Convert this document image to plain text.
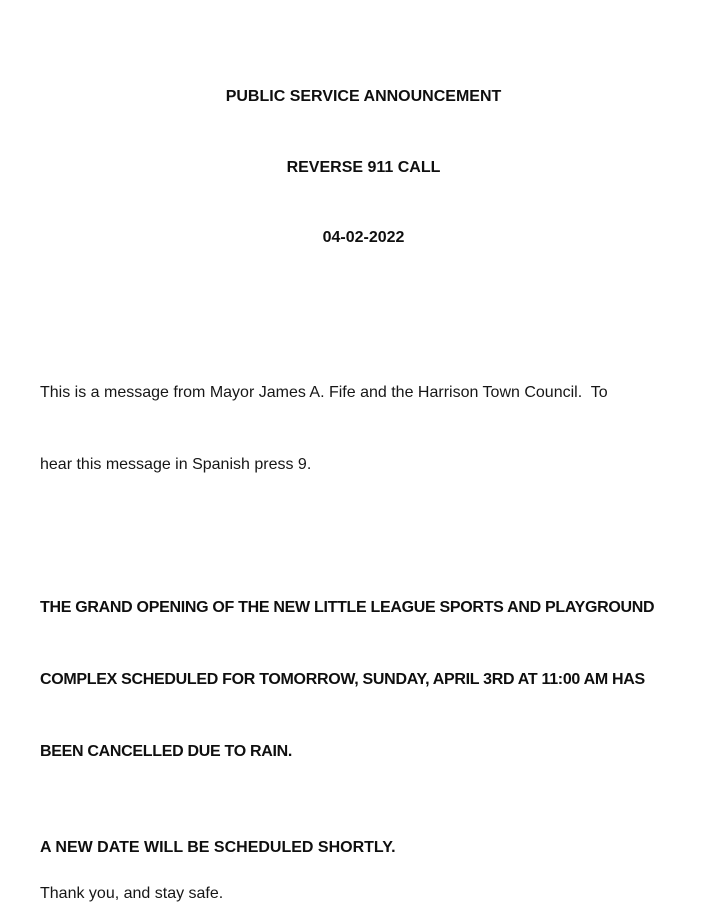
PUBLIC SERVICE ANNOUNCEMENT

REVERSE 911 CALL

04-02-2022

This is a message from Mayor James A. Fife and the Harrison Town Council.  To

hear this message in Spanish press 9.

THE GRAND OPENING OF THE NEW LITTLE LEAGUE SPORTS AND PLAYGROUND

COMPLEX SCHEDULED FOR TOMORROW, SUNDAY, APRIL 3RD AT 11:00 AM HAS

BEEN CANCELLED DUE TO RAIN.

A NEW DATE WILL BE SCHEDULED SHORTLY.
Thank you, and stay safe.
